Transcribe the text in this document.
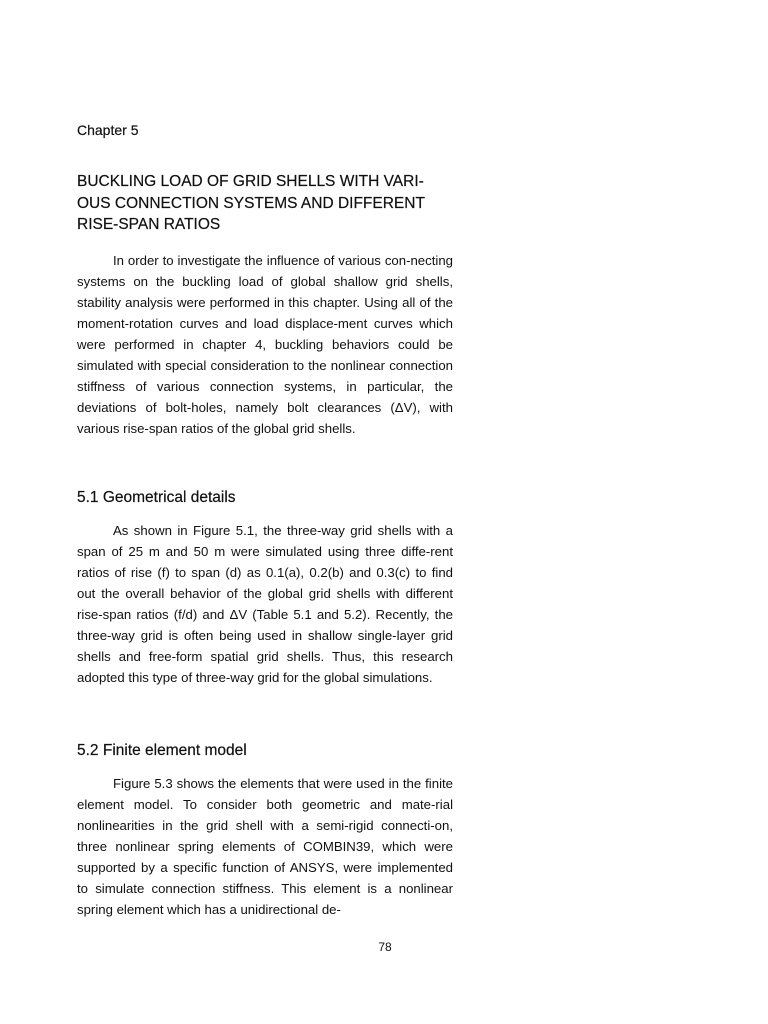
Chapter 5

BUCKLING LOAD OF GRID SHELLS WITH VARI-OUS CONNECTION SYSTEMS AND DIFFERENT RISE-SPAN RATIOS

In order to investigate the influence of various con-necting systems on the buckling load of global shallow grid shells, stability analysis were performed in this chapter. Using all of the moment-rotation curves and load displace-ment curves which were performed in chapter 4, buckling behaviors could be simulated with special consideration to the nonlinear connection stiffness of various connection systems, in particular, the deviations of bolt-holes, namely bolt clearances (ΔV), with various rise-span ratios of the global grid shells.

5.1 Geometrical details

As shown in Figure 5.1, the three-way grid shells with a span of 25 m and 50 m were simulated using three diffe-rent ratios of rise (f) to span (d) as 0.1(a), 0.2(b) and 0.3(c) to find out the overall behavior of the global grid shells with different rise-span ratios (f/d) and ΔV (Table 5.1 and 5.2). Recently, the three-way grid is often being used in shallow single-layer grid shells and free-form spatial grid shells. Thus, this research adopted this type of three-way grid for the global simulations.

5.2 Finite element model

Figure 5.3 shows the elements that were used in the finite element model. To consider both geometric and mate-rial nonlinearities in the grid shell with a semi-rigid connecti-on, three nonlinear spring elements of COMBIN39, which were supported by a specific function of ANSYS, were implemented to simulate connection stiffness. This element is a nonlinear spring element which has a unidirectional de-

78
